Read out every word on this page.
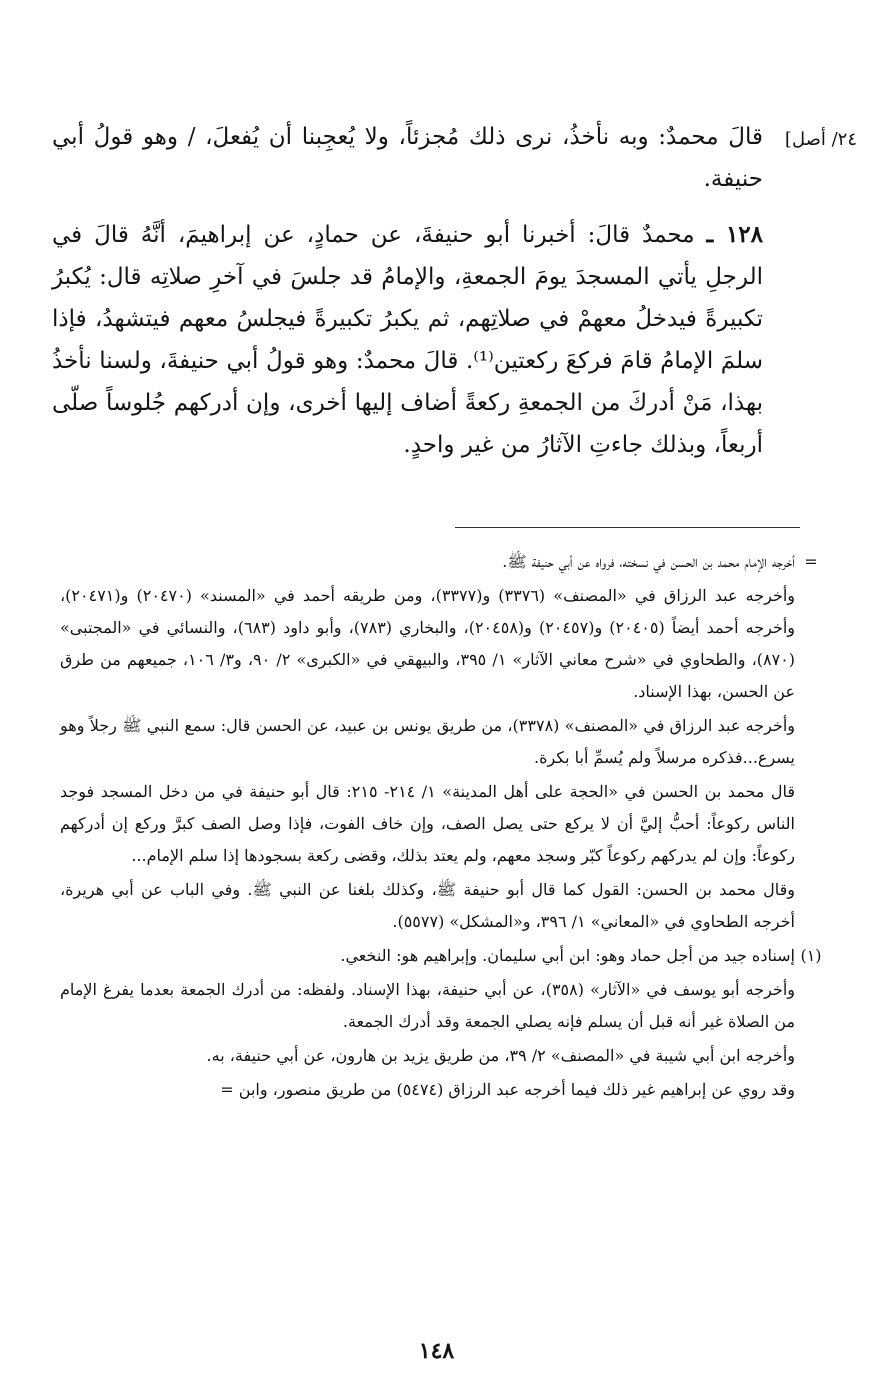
٢٤/ أصل]

قالَ محمدٌ: وبه نأخذُ، نرى ذلك مُجزئاً، ولا يُعجِبنا أن يُفعلَ، / وهو قولُ أبي حنيفة.

١٢٨ ـ محمدٌ قالَ: أخبرنا أبو حنيفةَ، عن حمادٍ، عن إبراهيمَ، أنَّهُ قالَ في الرجلِ يأتي المسجدَ يومَ الجمعةِ، والإمامُ قد جلسَ في آخرِ صلاتِه قال: يُكبرُ تكبيرةً فيدخلُ معهمْ في صلاتِهم، ثم يكبرُ تكبيرةً فيجلسُ معهم فيتشهدُ، فإذا سلمَ الإمامُ قامَ فركعَ ركعتين⁽¹⁾. قالَ محمدٌ: وهو قولُ أبي حنيفةَ، ولسنا نأخذُ بهذا، مَنْ أدركَ من الجمعةِ ركعةً أضاف إليها أخرى، وإن أدركهم جُلوساً صلّى أربعاً، وبذلك جاءتِ الآثارُ من غير واحدٍ.

=
أخرجه الإمام محمد بن الحسن في نسخته، فرواه عن أبي حنيفة ﷺ.

وأخرجه عبد الرزاق في «المصنف» (٣٣٧٦) و(٣٣٧٧)، ومن طريقه أحمد في «المسند» (٢٠٤٧٠) و(٢٠٤٧١)، وأخرجه أحمد أيضاً (٢٠٤٠٥) و(٢٠٤٥٧) و(٢٠٤٥٨)، والبخاري (٧٨٣)، وأبو داود (٦٨٣)، والنسائي في «المجتبى» (٨٧٠)، والطحاوي في «شرح معاني الآثار» ١/ ٣٩٥، والبيهقي في «الكبرى» ٢/ ٩٠، و٣/ ١٠٦، جميعهم من طرق عن الحسن، بهذا الإسناد.

وأخرجه عبد الرزاق في «المصنف» (٣٣٧٨)، من طريق يونس بن عبيد، عن الحسن قال: سمع النبي ﷺ رجلاً وهو يسرع...فذكره مرسلاً ولم يُسمِّ أبا بكرة.

قال محمد بن الحسن في «الحجة على أهل المدينة» ١/ ٢١٤- ٢١٥: قال أبو حنيفة في من دخل المسجد فوجد الناس ركوعاً: أحبُّ إليَّ أن لا يركع حتى يصل الصف، وإن خاف الفوت، فإذا وصل الصف كبرَّ وركع إن أدركهم ركوعاً: وإن لم يدركهم ركوعاً كبّر وسجد معهم، ولم يعتد بذلك، وقضى ركعة بسجودها إذا سلم الإمام...

وقال محمد بن الحسن: القول كما قال أبو حنيفة ﷺ، وكذلك بلغنا عن النبي ﷺ. وفي الباب عن أبي هريرة، أخرجه الطحاوي في «المعاني» ١/ ٣٩٦، و«المشكل» (٥٥٧٧).

(١)
إسناده جيد من أجل حماد وهو: ابن أبي سليمان. وإبراهيم هو: النخعي.

وأخرجه أبو يوسف في «الآثار» (٣٥٨)، عن أبي حنيفة، بهذا الإسناد. ولفظه: من أدرك الجمعة بعدما يفرغ الإمام من الصلاة غير أنه قبل أن يسلم فإنه يصلي الجمعة وقد أدرك الجمعة.

وأخرجه ابن أبي شيبة في «المصنف» ٢/ ٣٩، من طريق يزيد بن هارون، عن أبي حنيفة، به.

وقد روي عن إبراهيم غير ذلك فيما أخرجه عبد الرزاق (٥٤٧٤) من طريق منصور، وابن =

١٤٨
